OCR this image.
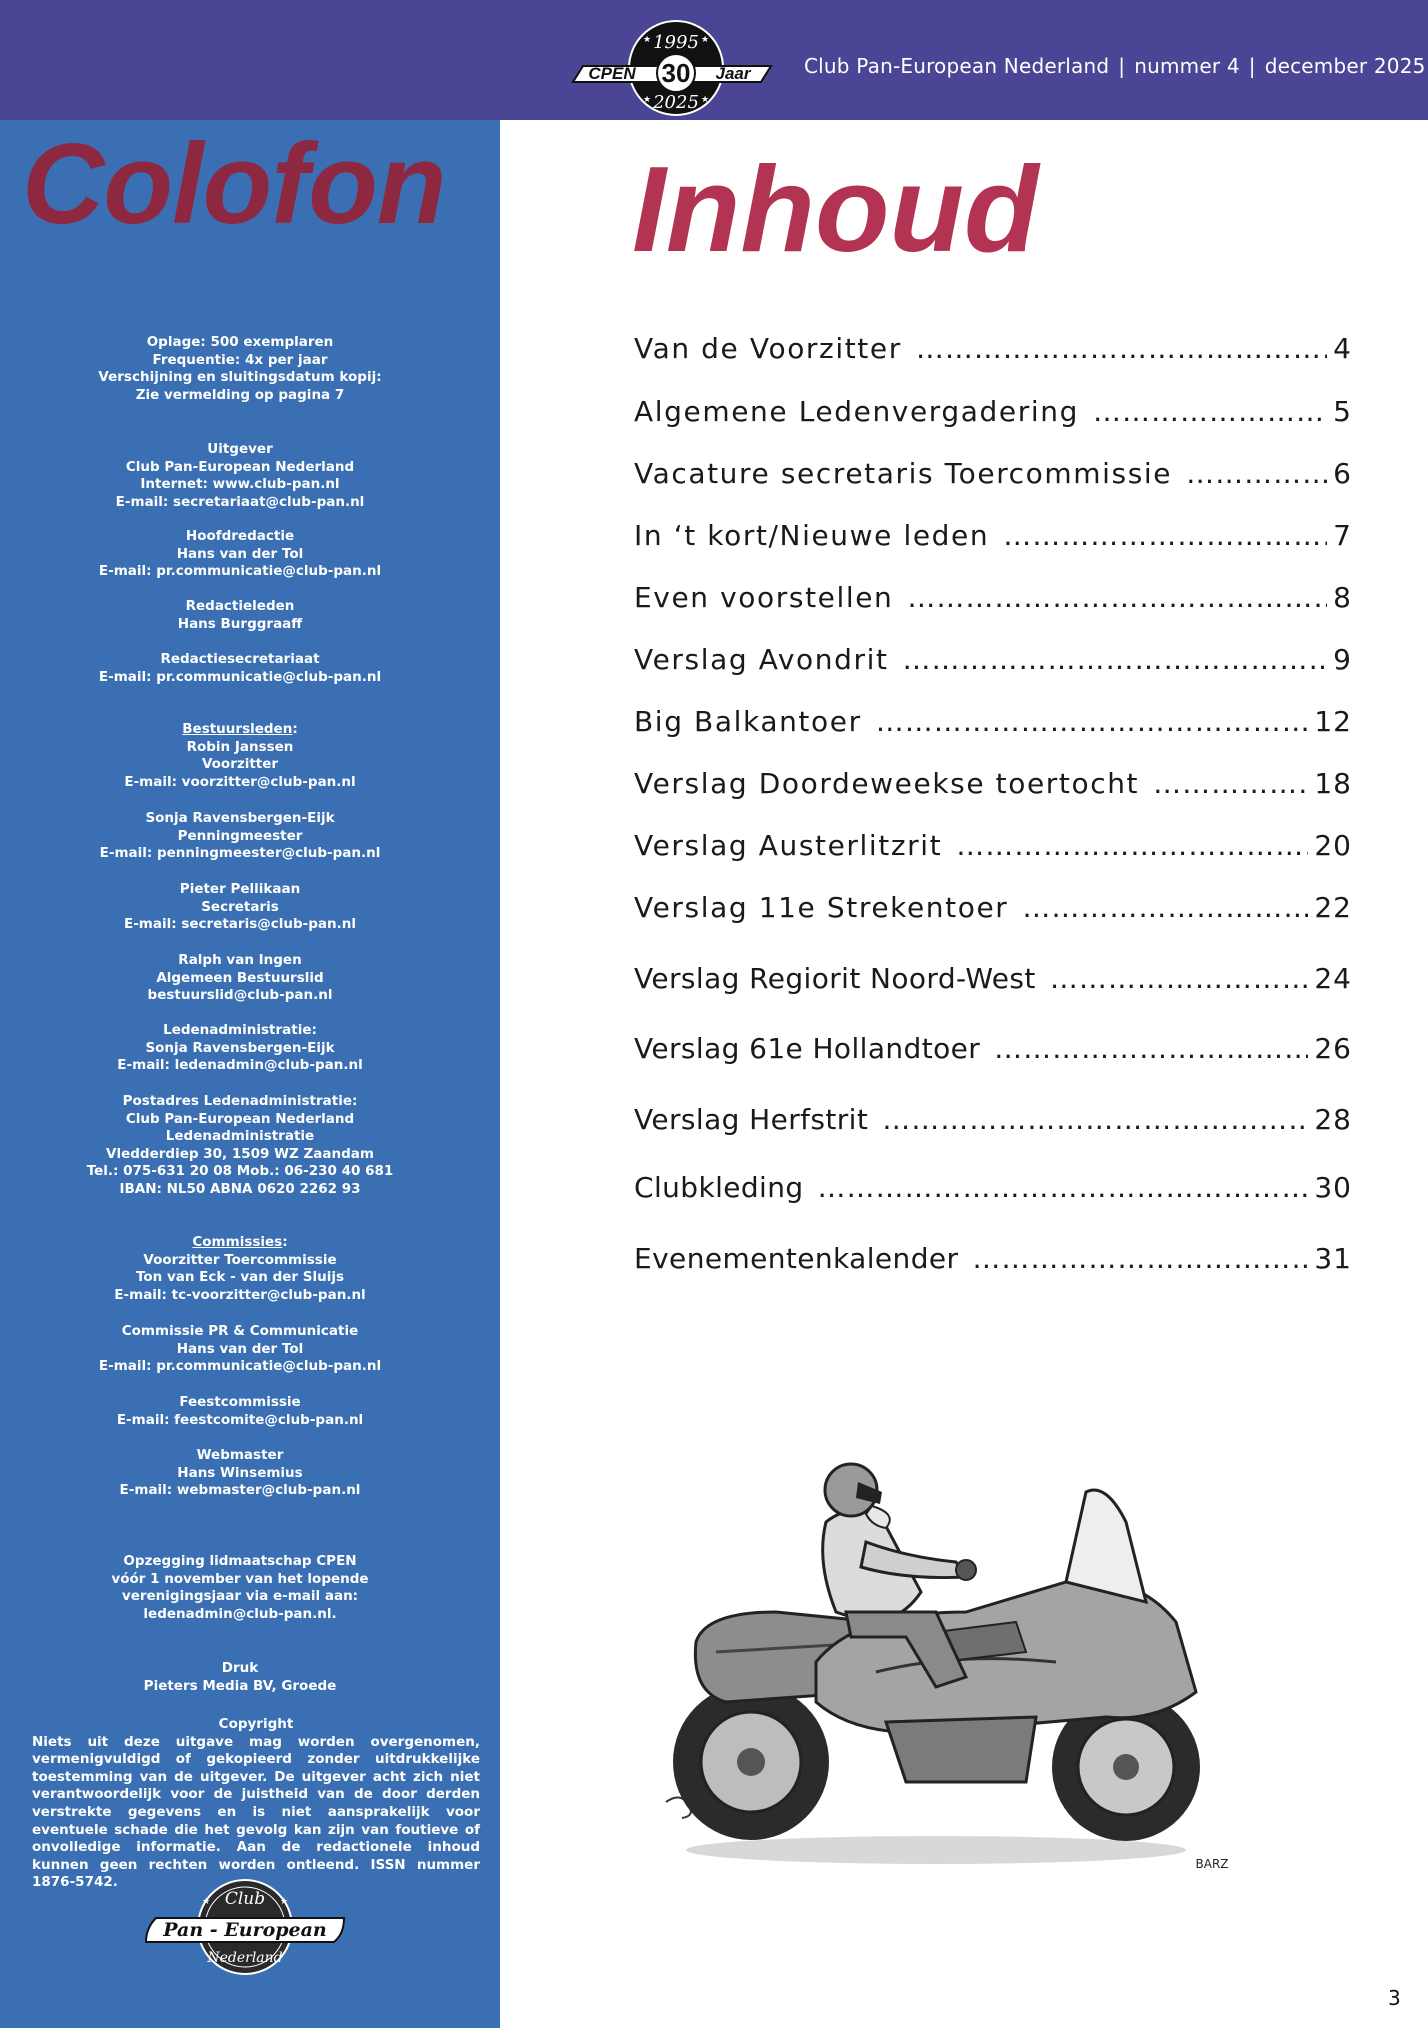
CPEN 30 Jaar
1995
2025
★	★
★	★
Club Pan-European Nederland | nummer 4 | december 2025
Colofon
Oplage: 500 exemplaren
Frequentie: 4x per jaar
Verschijning en sluitingsdatum kopij:
Zie vermelding op pagina 7
Uitgever
Club Pan-European Nederland
Internet: www.club-pan.nl
E-mail: secretariaat@club-pan.nl
Hoofdredactie
Hans van der Tol
E-mail: pr.communicatie@club-pan.nl
Redactieleden
Hans Burggraaff
Redactiesecretariaat
E-mail: pr.communicatie@club-pan.nl
Bestuursleden:
Robin Janssen
Voorzitter
E-mail: voorzitter@club-pan.nl
Sonja Ravensbergen-Eijk
Penningmeester
E-mail: penningmeester@club-pan.nl
Pieter Pellikaan
Secretaris
E-mail: secretaris@club-pan.nl
Ralph van Ingen
Algemeen Bestuurslid
bestuurslid@club-pan.nl
Ledenadministratie:
Sonja Ravensbergen-Eijk
E-mail: ledenadmin@club-pan.nl
Postadres Ledenadministratie:
Club Pan-European Nederland
Ledenadministratie
Vledderdiep 30, 1509 WZ Zaandam
Tel.: 075-631 20 08 Mob.: 06-230 40 681
IBAN: NL50 ABNA 0620 2262 93
Commissies:
Voorzitter Toercommissie
Ton van Eck - van der Sluijs
E-mail: tc-voorzitter@club-pan.nl
Commissie PR & Communicatie
Hans van der Tol
E-mail: pr.communicatie@club-pan.nl
Feestcommissie
E-mail: feestcomite@club-pan.nl
Webmaster
Hans Winsemius
E-mail: webmaster@club-pan.nl
Opzegging lidmaatschap CPEN
vóór 1 november van het lopende
verenigingsjaar via e-mail aan:
ledenadmin@club-pan.nl.
Druk
Pieters Media BV, Groede
Copyright
Niets uit deze uitgave mag worden overgenomen, vermenigvuldigd of gekopieerd zonder uitdrukkelijke toestemming van de uitgever. De uitgever acht zich niet verantwoordelijk voor de juistheid van de door derden verstrekte gegevens en is niet aansprakelijk voor eventuele schade die het gevolg kan zijn van foutieve of onvolledige informatie. Aan de redactionele inhoud kunnen geen rechten worden ontleend. ISSN nummer 1876-5742.
Club
Pan - European
Nederland
★	★
Inhoud
Van de Voorzitter ……………………………………………………………………………………………	4
Algemene Ledenvergadering ……………………………………………………………………………………………	5
Vacature secretaris Toercommissie ……………………………………………………………………………………………	6
In ‘t kort/Nieuwe leden ……………………………………………………………………………………………	7
Even voorstellen ……………………………………………………………………………………………	8
Verslag Avondrit ……………………………………………………………………………………………	9
Big Balkantoer ……………………………………………………………………………………………	12
Verslag Doordeweekse toertocht ……………………………………………………………………………………………	18
Verslag Austerlitzrit ……………………………………………………………………………………………	20
Verslag 11e Strekentoer ……………………………………………………………………………………………	22
Verslag Regiorit Noord-West ……………………………………………………………………………………………	24
Verslag 61e Hollandtoer ……………………………………………………………………………………………	26
Verslag Herfstrit ……………………………………………………………………………………………	28
Clubkleding ……………………………………………………………………………………………	30
Evenementenkalender ……………………………………………………………………………………………	31
BARZ
3
